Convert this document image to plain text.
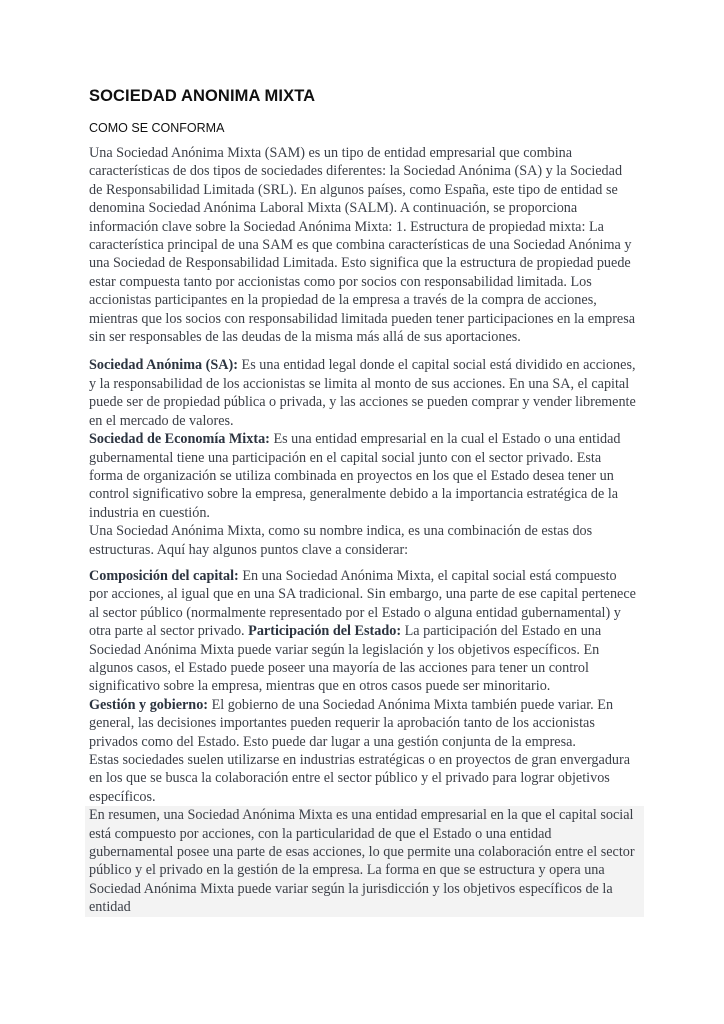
SOCIEDAD ANONIMA MIXTA
COMO SE CONFORMA

Una Sociedad Anónima Mixta (SAM) es un tipo de entidad empresarial que combina características de dos tipos de sociedades diferentes: la Sociedad Anónima (SA) y la Sociedad de Responsabilidad Limitada (SRL). En algunos países, como España, este tipo de entidad se denomina Sociedad Anónima Laboral Mixta (SALM). A continuación, se proporciona información clave sobre la Sociedad Anónima Mixta: 1. Estructura de propiedad mixta: La característica principal de una SAM es que combina características de una Sociedad Anónima y una Sociedad de Responsabilidad Limitada. Esto significa que la estructura de propiedad puede estar compuesta tanto por accionistas como por socios con responsabilidad limitada. Los accionistas participantes en la propiedad de la empresa a través de la compra de acciones, mientras que los socios con responsabilidad limitada pueden tener participaciones en la empresa sin ser responsables de las deudas de la misma más allá de sus aportaciones.

Sociedad Anónima (SA): Es una entidad legal donde el capital social está dividido en acciones, y la responsabilidad de los accionistas se limita al monto de sus acciones. En una SA, el capital puede ser de propiedad pública o privada, y las acciones se pueden comprar y vender libremente en el mercado de valores.

Sociedad de Economía Mixta: Es una entidad empresarial en la cual el Estado o una entidad gubernamental tiene una participación en el capital social junto con el sector privado. Esta forma de organización se utiliza combinada en proyectos en los que el Estado desea tener un control significativo sobre la empresa, generalmente debido a la importancia estratégica de la industria en cuestión.

Una Sociedad Anónima Mixta, como su nombre indica, es una combinación de estas dos estructuras. Aquí hay algunos puntos clave a considerar:

Composición del capital: En una Sociedad Anónima Mixta, el capital social está compuesto por acciones, al igual que en una SA tradicional. Sin embargo, una parte de ese capital pertenece al sector público (normalmente representado por el Estado o alguna entidad gubernamental) y otra parte al sector privado. Participación del Estado: La participación del Estado en una Sociedad Anónima Mixta puede variar según la legislación y los objetivos específicos. En algunos casos, el Estado puede poseer una mayoría de las acciones para tener un control significativo sobre la empresa, mientras que en otros casos puede ser minoritario.

Gestión y gobierno: El gobierno de una Sociedad Anónima Mixta también puede variar. En general, las decisiones importantes pueden requerir la aprobación tanto de los accionistas privados como del Estado. Esto puede dar lugar a una gestión conjunta de la empresa.

Estas sociedades suelen utilizarse en industrias estratégicas o en proyectos de gran envergadura en los que se busca la colaboración entre el sector público y el privado para lograr objetivos específicos.

En resumen, una Sociedad Anónima Mixta es una entidad empresarial en la que el capital social está compuesto por acciones, con la particularidad de que el Estado o una entidad gubernamental posee una parte de esas acciones, lo que permite una colaboración entre el sector público y el privado en la gestión de la empresa. La forma en que se estructura y opera una Sociedad Anónima Mixta puede variar según la jurisdicción y los objetivos específicos de la entidad
